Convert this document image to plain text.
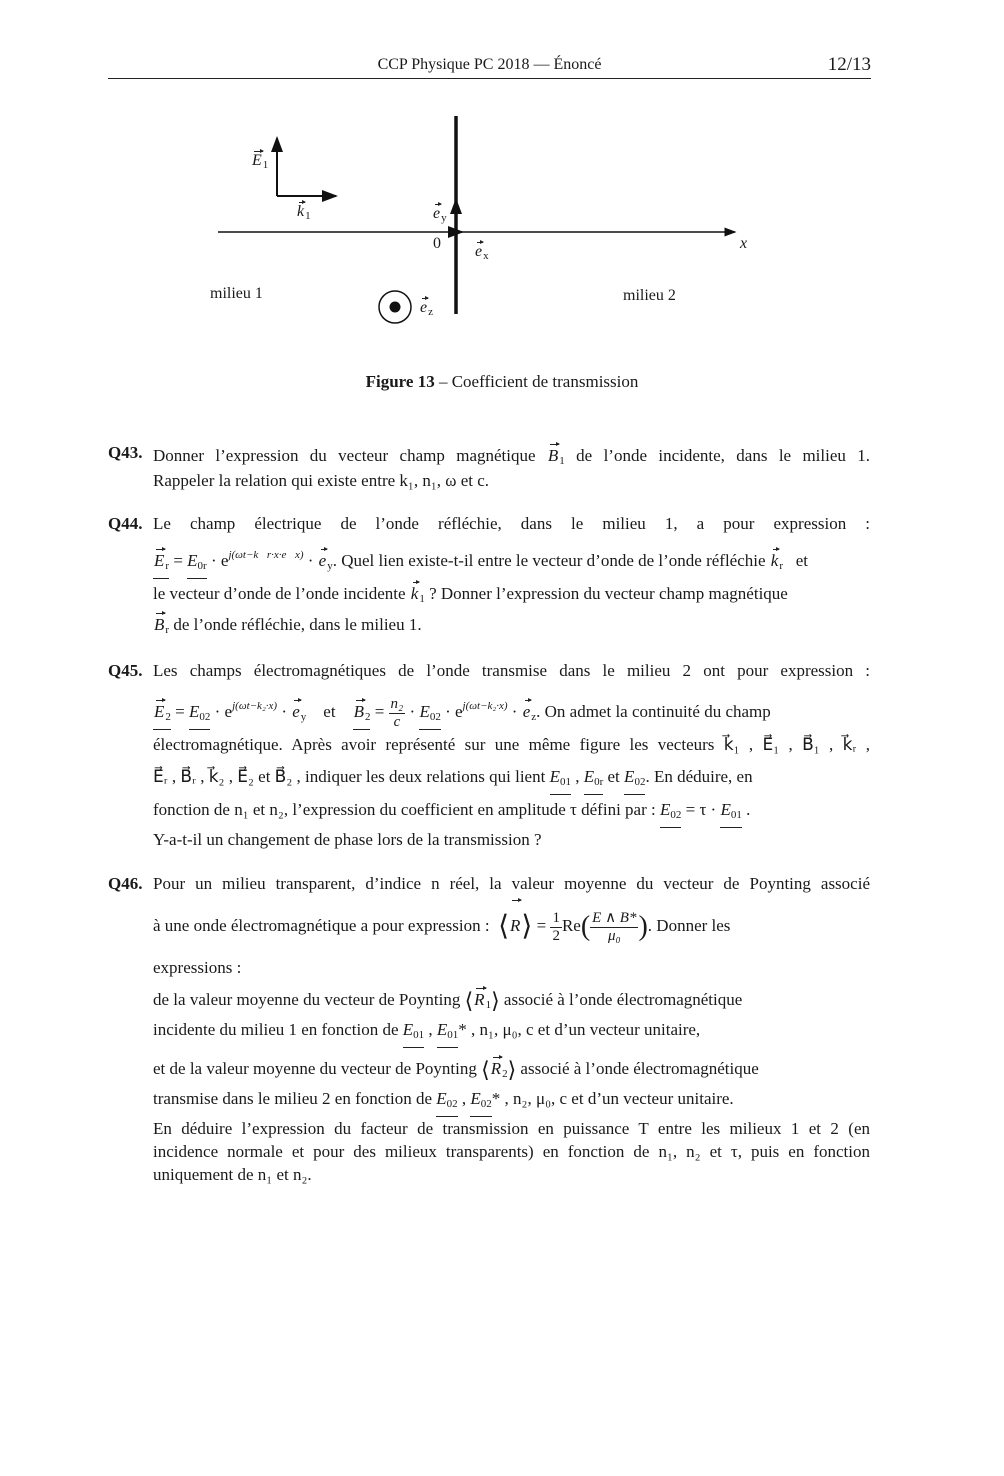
CCP Physique PC 2018 — Énoncé	12/13
$E_1$
$k_1$	$e_y$
0 $e_x$
x
milieu 1	milieu 2
$e_z$
Figure 13 – Coefficient de transmission
Q43. Donner l’expression du vecteur champ magnétique $B_1$ de l’onde incidente, dans le milieu 1.
Rappeler la relation qui existe entre k₁, n₁, ω et c.
Q44. Le champ électrique de l’onde réfléchie, dans le milieu 1, a pour expression :
$E_r = E_{0r} \cdot e^{j(\omega t-k⃗r\cdot x\cdot e⃗x)} \cdot e_y$. Quel lien existe-t-il entre le vecteur d’onde de l’onde réfléchie $k_r$   et
le vecteur d’onde de l’onde incidente $k_1$ ? Donner l’expression du vecteur champ magnétique
$B_r$ de l’onde réfléchie, dans le milieu 1.
Q45. Les champs électromagnétiques de l’onde transmise dans le milieu 2 ont pour expression :
$E_2 = E_{02} \cdot e^{j(\omega t-k_2\cdot x)} \cdot e_y$ et $B_2 = \frac{\text{n₂}}{c} \cdot E_{02} \cdot e^{j(\omega t-k_2\cdot x)} \cdot e_z$. On admet la continuité du champ
électromagnétique. Après avoir représenté sur une même figure les vecteurs k⃗₁ , E⃗₁ , B⃗₁ , k⃗ᵣ ,
E⃗ᵣ , B⃗ᵣ , k⃗₂ , E⃗₂ et B⃗₂ , indiquer les deux relations qui lient $E_{01}$ , $E_{0r}$ et $E_{02}$. En déduire, en
fonction de n₁ et n₂, l’expression du coefficient en amplitude τ défini par : $E_{02} = \tau \cdot E_{01}$ .
Y-a-t-il un changement de phase lors de la transmission ?
Q46. Pour un milieu transparent, d’indice n réel, la valeur moyenne du vecteur de Poynting associé
à une onde électromagnétique a pour expression : ⟨R⟩ = $\frac{1}{2} Re( \frac{E \wedge B*}{\text{μ₀}}$ ). Donner les
expressions :
de la valeur moyenne du vecteur de Poynting $⟨R_1⟩$ associé à l’onde électromagnétique
incidente du milieu 1 en fonction de $E_{01}$ , $E_{01}*$ , n₁, μ₀, c et d’un vecteur unitaire,
et de la valeur moyenne du vecteur de Poynting $⟨R_2⟩$ associé à l’onde électromagnétique
transmise dans le milieu 2 en fonction de $E_{02}$ , $E_{02}*$ , n₂, μ₀, c et d’un vecteur unitaire.
En déduire l’expression du facteur de transmission en puissance T entre les milieux 1 et 2 (en
incidence normale et pour des milieux transparents) en fonction de n₁, n₂ et τ, puis en fonction
uniquement de n₁ et n₂.
